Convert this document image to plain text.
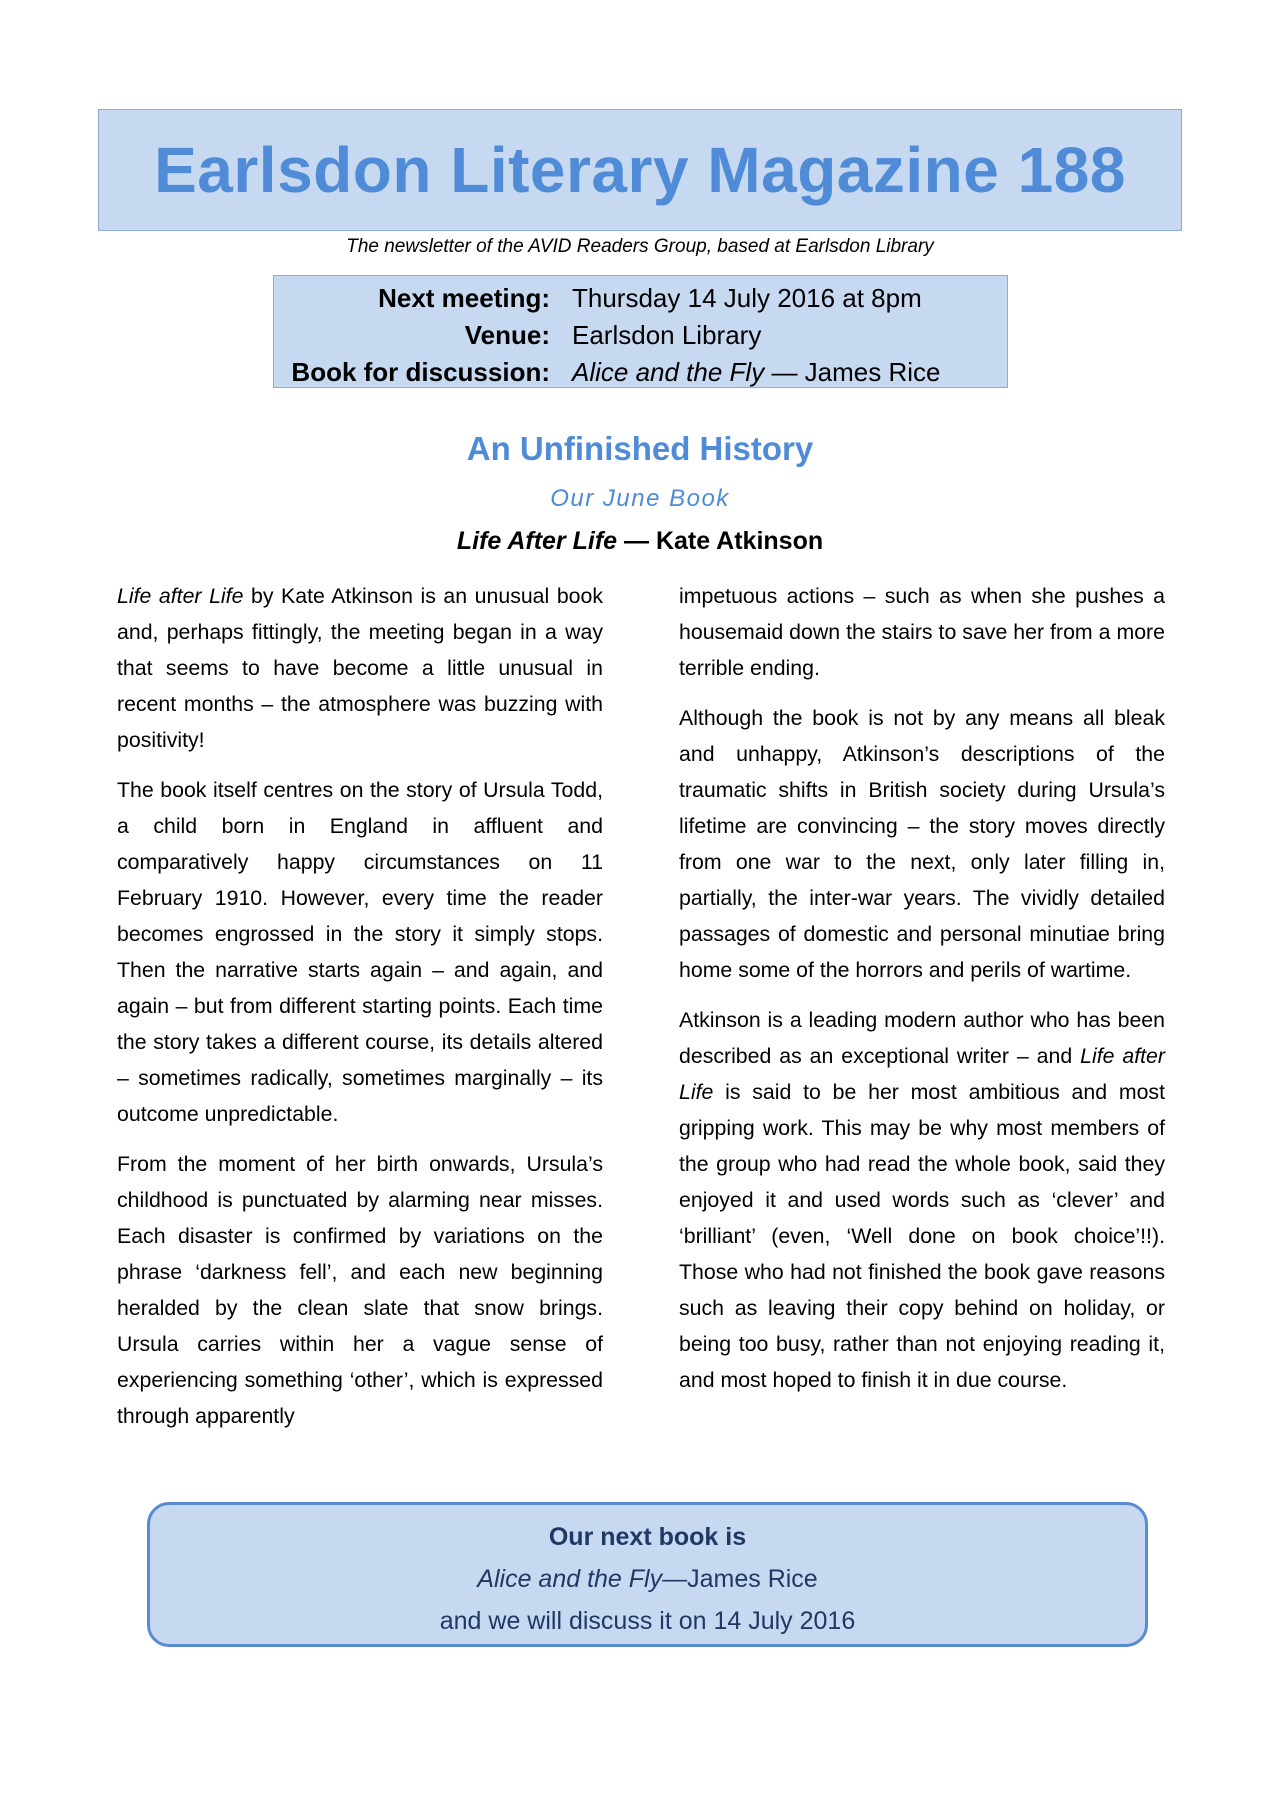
Earlsdon Literary Magazine 188
The newsletter of the AVID Readers Group, based at Earlsdon Library
Next meeting: Thursday 14 July 2016 at 8pm
Venue: Earlsdon Library
Book for discussion: Alice and the Fly — James Rice
An Unfinished History
Our June Book
Life After Life — Kate Atkinson

Life after Life by Kate Atkinson is an unusual book and, perhaps fittingly, the meeting began in a way that seems to have become a little unusual in recent months – the atmosphere was buzzing with positivity!

The book itself centres on the story of Ursula Todd, a child born in England in affluent and comparatively happy circumstances on 11 February 1910. However, every time the reader becomes engrossed in the story it simply stops. Then the narrative starts again – and again, and again – but from different starting points. Each time the story takes a different course, its details altered – sometimes radically, sometimes marginally – its outcome unpredictable.

From the moment of her birth onwards, Ursula’s childhood is punctuated by alarming near misses. Each disaster is confirmed by variations on the phrase ‘darkness fell’, and each new beginning heralded by the clean slate that snow brings. Ursula carries within her a vague sense of experiencing something ‘other’, which is expressed through apparently

impetuous actions – such as when she pushes a housemaid down the stairs to save her from a more terrible ending.

Although the book is not by any means all bleak and unhappy, Atkinson’s descriptions of the traumatic shifts in British society during Ursula’s lifetime are convincing – the story moves directly from one war to the next, only later filling in, partially, the inter-war years. The vividly detailed passages of domestic and personal minutiae bring home some of the horrors and perils of wartime.

Atkinson is a leading modern author who has been described as an exceptional writer – and Life after Life is said to be her most ambitious and most gripping work. This may be why most members of the group who had read the whole book, said they enjoyed it and used words such as ‘clever’ and ‘brilliant’ (even, ‘Well done on book choice’!!). Those who had not finished the book gave reasons such as leaving their copy behind on holiday, or being too busy, rather than not enjoying reading it, and most hoped to finish it in due course.

Our next book is
Alice and the Fly—James Rice
and we will discuss it on 14 July 2016
